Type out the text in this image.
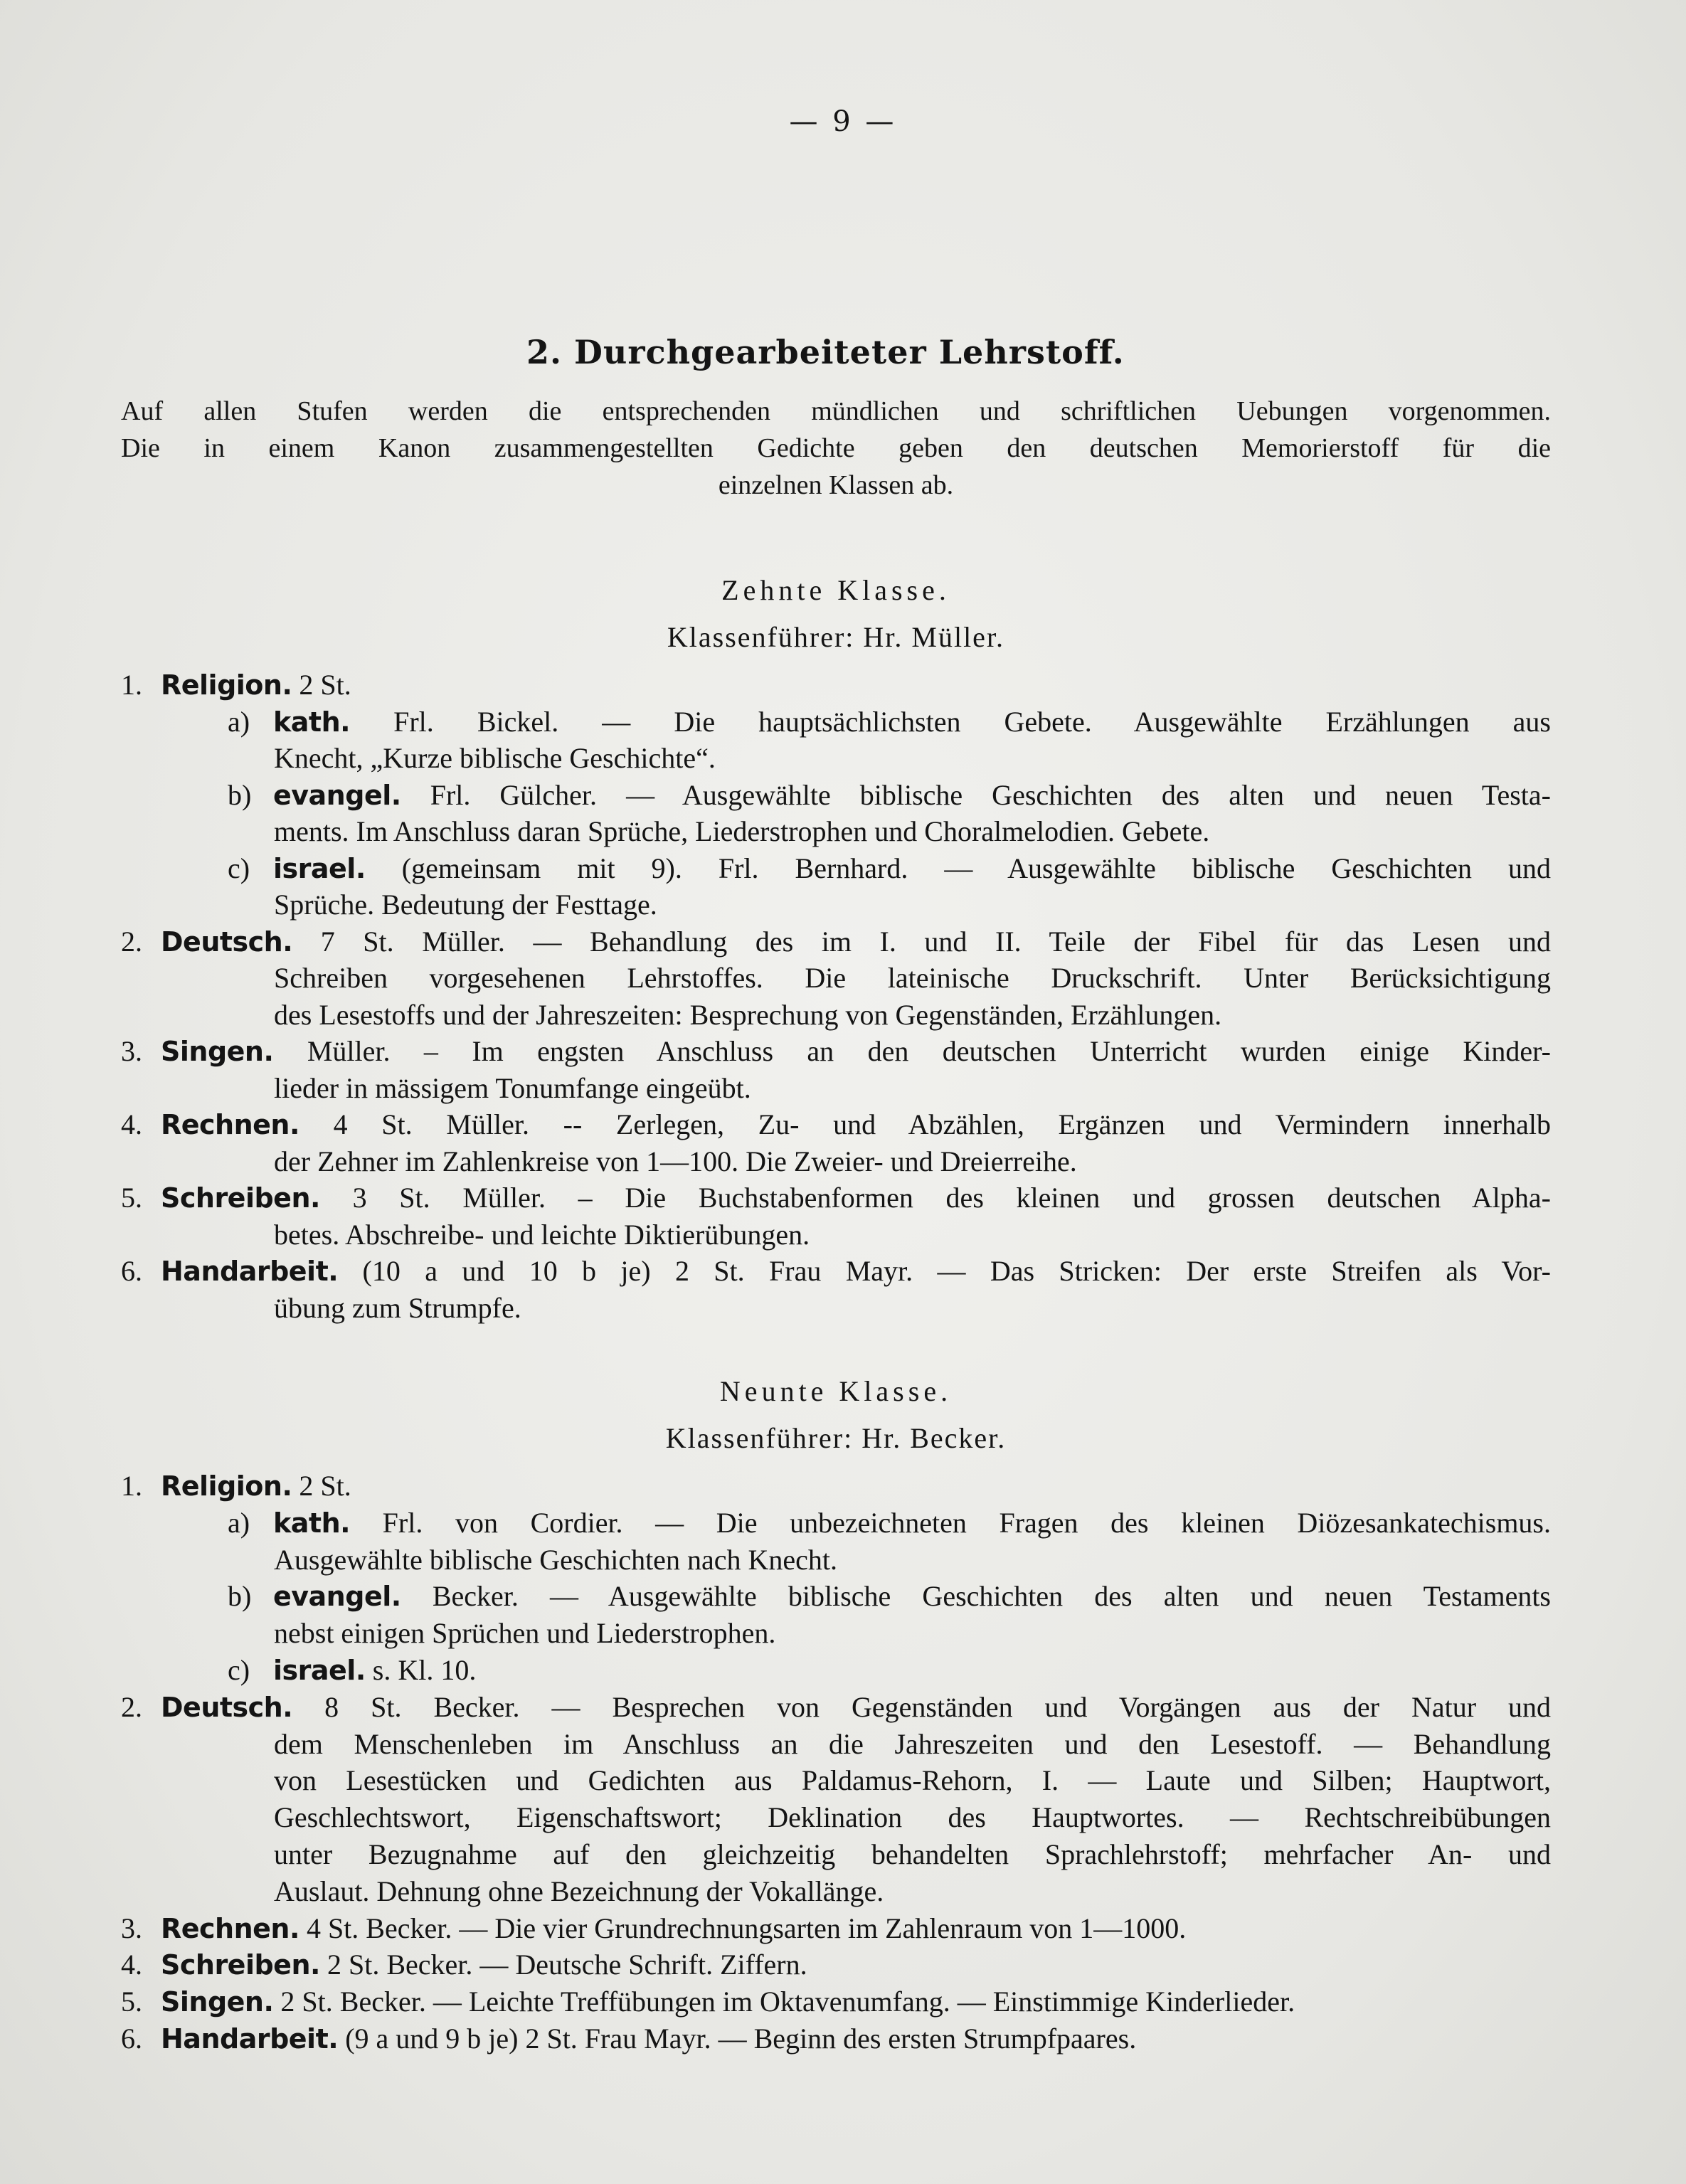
— 9 —
2. Durchgearbeiteter Lehrstoff.
Auf allen Stufen werden die entsprechenden mündlichen und schriftlichen Uebungen vorgenommen.
Die in einem Kanon zusammengestellten Gedichte geben den deutschen Memorierstoff für die
einzelnen Klassen ab.
Zehnte Klasse.
Klassenführer: Hr. Müller.
1. Religion. 2 St.
a) kath. Frl. Bickel. — Die hauptsächlichsten Gebete. Ausgewählte Erzählungen aus
Knecht, „Kurze biblische Geschichte“.
b) evangel. Frl. Gülcher. — Ausgewählte biblische Geschichten des alten und neuen Testa-
ments. Im Anschluss daran Sprüche, Liederstrophen und Choralmelodien. Gebete.
c) israel. (gemeinsam mit 9). Frl. Bernhard. — Ausgewählte biblische Geschichten und
Sprüche. Bedeutung der Festtage.
2. Deutsch. 7 St. Müller. — Behandlung des im I. und II. Teile der Fibel für das Lesen und
Schreiben vorgesehenen Lehrstoffes. Die lateinische Druckschrift. Unter Berücksichtigung
des Lesestoffs und der Jahreszeiten: Besprechung von Gegenständen, Erzählungen.
3. Singen. Müller. – Im engsten Anschluss an den deutschen Unterricht wurden einige Kinder-
lieder in mässigem Tonumfange eingeübt.
4. Rechnen. 4 St. Müller. -- Zerlegen, Zu- und Abzählen, Ergänzen und Vermindern innerhalb
der Zehner im Zahlenkreise von 1—100. Die Zweier- und Dreierreihe.
5. Schreiben. 3 St. Müller. – Die Buchstabenformen des kleinen und grossen deutschen Alpha-
betes. Abschreibe- und leichte Diktierübungen.
6. Handarbeit. (10 a und 10 b je) 2 St. Frau Mayr. — Das Stricken: Der erste Streifen als Vor-
übung zum Strumpfe.
Neunte Klasse.
Klassenführer: Hr. Becker.
1. Religion. 2 St.
a) kath. Frl. von Cordier. — Die unbezeichneten Fragen des kleinen Diözesankatechismus.
Ausgewählte biblische Geschichten nach Knecht.
b) evangel. Becker. — Ausgewählte biblische Geschichten des alten und neuen Testaments
nebst einigen Sprüchen und Liederstrophen.
c) israel. s. Kl. 10.
2. Deutsch. 8 St. Becker. — Besprechen von Gegenständen und Vorgängen aus der Natur und
dem Menschenleben im Anschluss an die Jahreszeiten und den Lesestoff. — Behandlung
von Lesestücken und Gedichten aus Paldamus-Rehorn, I. — Laute und Silben; Hauptwort,
Geschlechtswort, Eigenschaftswort; Deklination des Hauptwortes. — Rechtschreibübungen
unter Bezugnahme auf den gleichzeitig behandelten Sprachlehrstoff; mehrfacher An- und
Auslaut. Dehnung ohne Bezeichnung der Vokallänge.
3. Rechnen. 4 St. Becker. — Die vier Grundrechnungsarten im Zahlenraum von 1—1000.
4. Schreiben. 2 St. Becker. — Deutsche Schrift. Ziffern.
5. Singen. 2 St. Becker. — Leichte Treffübungen im Oktavenumfang. — Einstimmige Kinderlieder.
6. Handarbeit. (9 a und 9 b je) 2 St. Frau Mayr. — Beginn des ersten Strumpfpaares.
